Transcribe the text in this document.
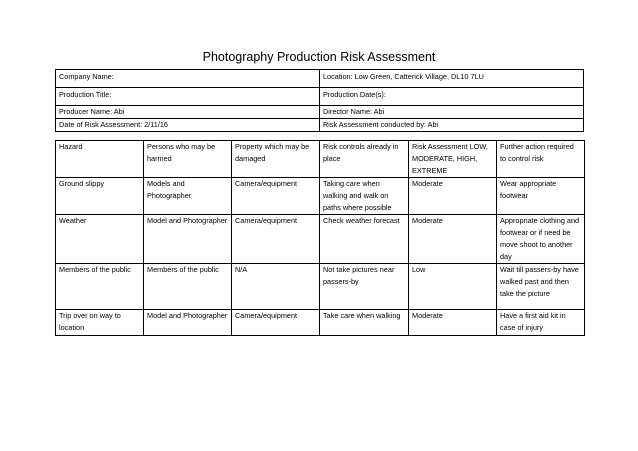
Photography Production Risk Assessment
Company Name:	Location: Low Green, Catterick Village, DL10 7LU
Production Title:	Production Date(s):
Producer Name: Abi	Director Name: Abi
Date of Risk Assessment: 2/11/16	Risk Assessment conducted by: Abi
Hazard	Persons who may be harmed	Property which may be damaged	Risk controls already in place	Risk Assessment LOW, MODERATE, HIGH, EXTREME	Further action required to control risk
Ground slippy	Models and Photographer	Camera/equipment	Taking care when walking and walk on paths where possible	Moderate	Wear appropriate footwear
Weather	Model and Photographer	Camera/equipment	Check weather forecast	Moderate	Appropriate clothing and footwear or if need be move shoot to another day
Members of the public	Members of the public	N/A	Not take pictures near passers-by	Low	Wait till passers-by have walked past and then take the picture
Trip over on way to location	Model and Photographer	Camera/equipment	Take care when walking	Moderate	Have a first aid kit in case of injury
